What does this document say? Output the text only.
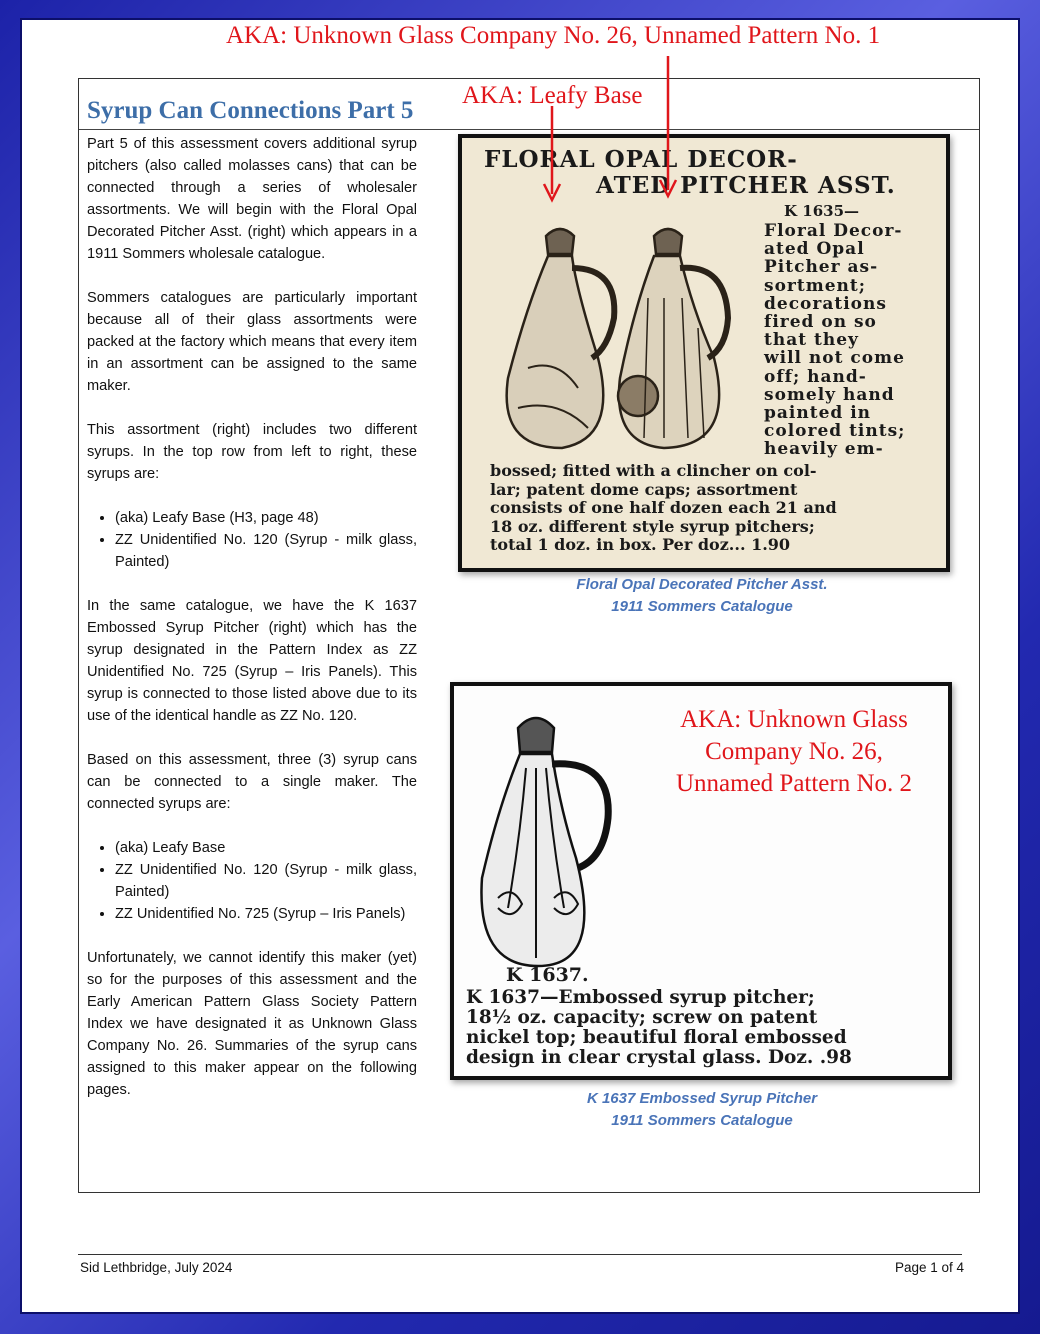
AKA: Unknown Glass Company No. 26, Unnamed Pattern No. 1
AKA: Leafy Base
Syrup Can Connections Part 5

Part 5 of this assessment covers additional syrup pitchers (also called molasses cans) that can be connected through a series of wholesaler assortments. We will begin with the Floral Opal Decorated Pitcher Asst. (right) which appears in a 1911 Sommers wholesale catalogue.

Sommers catalogues are particularly important because all of their glass assortments were packed at the factory which means that every item in an assortment can be assigned to the same maker.

This assortment (right) includes two different syrups. In the top row from left to right, these syrups are:

• (aka) Leafy Base (H3, page 48)
• ZZ Unidentified No. 120 (Syrup - milk glass, Painted)

In the same catalogue, we have the K 1637 Embossed Syrup Pitcher (right) which has the syrup designated in the Pattern Index as ZZ Unidentified No. 725 (Syrup – Iris Panels). This syrup is connected to those listed above due to its use of the identical handle as ZZ No. 120.

Based on this assessment, three (3) syrup cans can be connected to a single maker. The connected syrups are:

• (aka) Leafy Base
• ZZ Unidentified No. 120 (Syrup - milk glass, Painted)
• ZZ Unidentified No. 725 (Syrup – Iris Panels)

Unfortunately, we cannot identify this maker (yet) so for the purposes of this assessment and the Early American Pattern Glass Society Pattern Index we have designated it as Unknown Glass Company No. 26. Summaries of the syrup cans assigned to this maker appear on the following pages.

FLORAL OPAL DECOR-
ATED PITCHER ASST.
K 1635—
Floral Decor-
ated Opal
Pitcher as-
sortment;
decorations
fired on so
that they
will not come
off; hand-
somely hand
painted in
colored tints;
heavily em-
bossed; fitted with a clincher on col-
lar; patent dome caps; assortment
consists of one half dozen each 21 and
18 oz. different style syrup pitchers;
total 1 doz. in box. Per doz... 1.90
Floral Opal Decorated Pitcher Asst.
1911 Sommers Catalogue
AKA: Unknown Glass
Company No. 26,
Unnamed Pattern No. 2
K 1637.
K 1637—Embossed syrup pitcher;
18½ oz. capacity; screw on patent
nickel top; beautiful floral embossed
design in clear crystal glass. Doz. .98
K 1637 Embossed Syrup Pitcher
1911 Sommers Catalogue
Sid Lethbridge, July 2024	Page 1 of 4
